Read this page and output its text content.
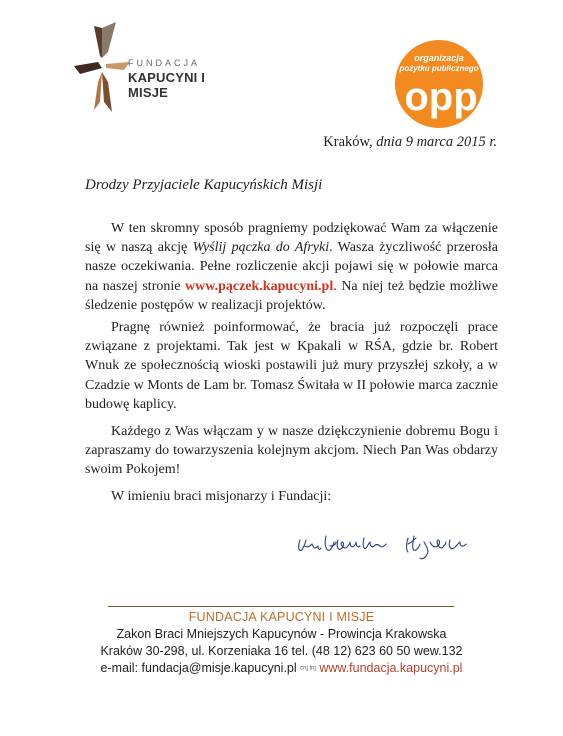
FUNDACJA
KAPUCYNI I MISJE
organizacja
pożytku publicznego
opp
Kraków, dnia 9 marca 2015 r.
Drodzy Przyjaciele Kapucyńskich Misji
W ten skromny sposób pragniemy podziękować Wam za włączenie się w naszą akcję Wyślij pączka do Afryki. Wasza życzliwość przerosła nasze oczekiwania. Pełne rozliczenie akcji pojawi się w połowie marca na naszej stronie www.pączek.kapucyni.pl. Na niej też będzie możliwe śledzenie postępów w realizacji projektów.
Pragnę również poinformować, że bracia już rozpoczęli prace związane z projektami. Tak jest w Kpakali w RŚA, gdzie br. Robert Wnuk ze społecznością wioski postawili już mury przyszłej szkoły, a w Czadzie w Monts de Lam br. Tomasz Świtała w II połowie marca zacznie budowę kaplicy.
Każdego z Was włączam y w nasze dziękczynienie dobremu Bogu i zapraszamy do towarzyszenia kolejnym akcjom. Niech Pan Was obdarzy swoim Pokojem!
W imieniu braci misjonarzy i Fundacji:
FUNDACJA KAPUCYNI I MISJE
Zakon Braci Mniejszych Kapucynów - Prowincja Krakowska
Kraków 30-298, ul. Korzeniaka 16 tel. (48 12) 623 60 50 wew.132
e-mail: fundacja@misje.kapucyni.pl cnj tnj www.fundacja.kapucyni.pl
